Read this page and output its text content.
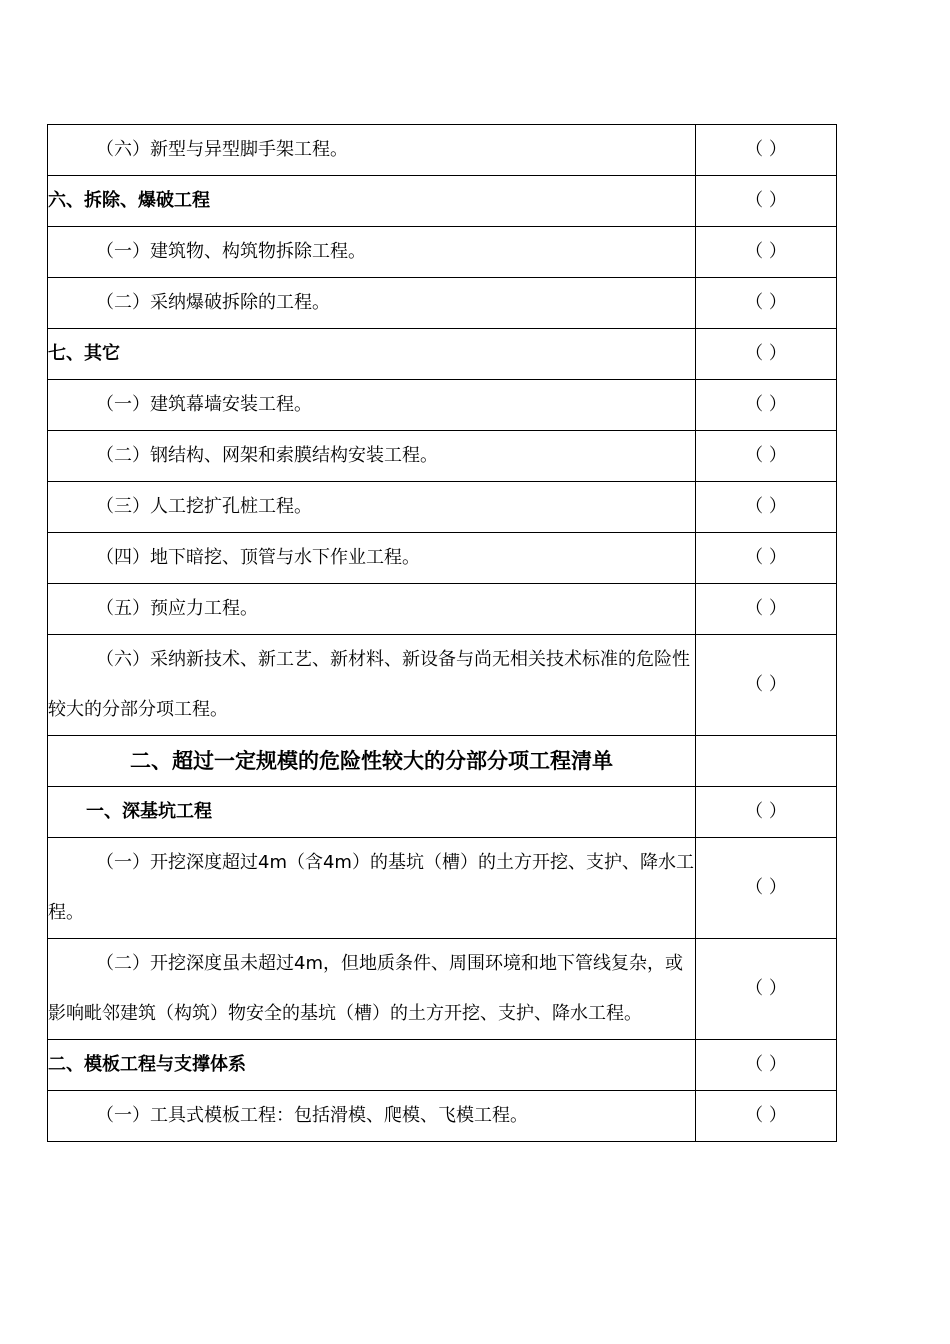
（六）新型与异型脚手架工程。	（ ）
六、拆除、爆破工程	（ ）
（一）建筑物、构筑物拆除工程。	（ ）
（二）采纳爆破拆除的工程。	（ ）
七、其它	（ ）
（一）建筑幕墙安装工程。	（ ）
（二）钢结构、网架和索膜结构安装工程。	（ ）
（三）人工挖扩孔桩工程。	（ ）
（四）地下暗挖、顶管与水下作业工程。	（ ）
（五）预应力工程。	（ ）
（六）采纳新技术、新工艺、新材料、新设备与尚无相关技术标准的危险性较大的分部分项工程。	（ ）
二、超过一定规模的危险性较大的分部分项工程清单	
一、深基坑工程	（ ）
（一）开挖深度超过4m（含4m）的基坑（槽）的土方开挖、支护、降水工程。	（ ）
（二）开挖深度虽未超过4m，但地质条件、周围环境和地下管线复杂，或影响毗邻建筑（构筑）物安全的基坑（槽）的土方开挖、支护、降水工程。	（ ）
二、模板工程与支撑体系	（ ）
（一）工具式模板工程：包括滑模、爬模、飞模工程。	（ ）
